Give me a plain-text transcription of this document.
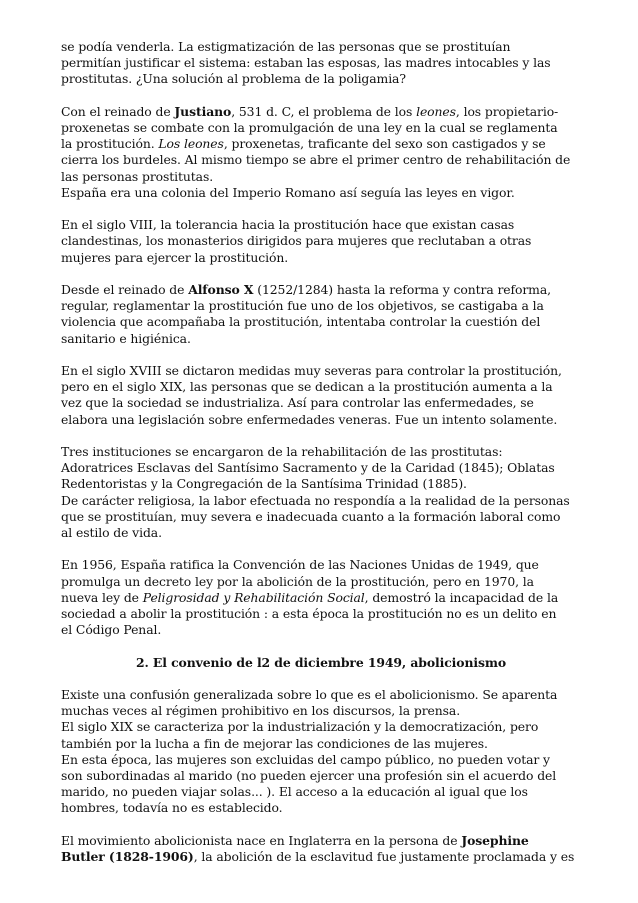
se podía venderla. La estigmatización de las personas que se prostituían
permitían justificar el sistema: estaban las esposas, las madres intocables y las
prostitutas. ¿Una solución al problema de la poligamia?

Con el reinado de Justiano, 531 d. C, el problema de los leones, los propietario-
proxenetas se combate con la promulgación de una ley en la cual se reglamenta
la prostitución. Los leones, proxenetas, traficante del sexo son castigados y se
cierra los burdeles. Al mismo tiempo se abre el primer centro de rehabilitación de
las personas prostitutas.
España era una colonia del Imperio Romano así seguía las leyes en vigor.

En el siglo VIII, la tolerancia hacia la prostitución hace que existan casas
clandestinas, los monasterios dirigidos para mujeres que reclutaban a otras
mujeres para ejercer la prostitución.

Desde el reinado de Alfonso X (1252/1284) hasta la reforma y contra reforma,
regular, reglamentar la prostitución fue uno de los objetivos, se castigaba a la
violencia que acompañaba la prostitución, intentaba controlar la cuestión del
sanitario e higiénica.

En el siglo XVIII se dictaron medidas muy severas para controlar la prostitución,
pero en el siglo XIX, las personas que se dedican a la prostitución aumenta a la
vez que la sociedad se industrializa. Así para controlar las enfermedades, se
elabora una legislación sobre enfermedades veneras. Fue un intento solamente.

Tres instituciones se encargaron de la rehabilitación de las prostitutas:
Adoratrices Esclavas del Santísimo Sacramento y de la Caridad (1845); Oblatas
Redentoristas y la Congregación de la Santísima Trinidad (1885).
De carácter religiosa, la labor efectuada no respondía a la realidad de la personas
que se prostituían, muy severa e inadecuada cuanto a la formación laboral como
al estilo de vida.

En 1956, España ratifica la Convención de las Naciones Unidas de 1949, que
promulga un decreto ley por la abolición de la prostitución, pero en 1970, la
nueva ley de Peligrosidad y Rehabilitación Social, demostró la incapacidad de la
sociedad a abolir la prostitución : a esta época la prostitución no es un delito en
el Código Penal.

2. El convenio de l2 de diciembre 1949, abolicionismo

Existe una confusión generalizada sobre lo que es el abolicionismo. Se aparenta
muchas veces al régimen prohibitivo en los discursos, la prensa.
El siglo XIX se caracteriza por la industrialización y la democratización, pero
también por la lucha a fin de mejorar las condiciones de las mujeres.
En esta época, las mujeres son excluidas del campo público, no pueden votar y
son subordinadas al marido (no pueden ejercer una profesión sin el acuerdo del
marido, no pueden viajar solas... ). El acceso a la educación al igual que los
hombres, todavía no es establecido.

El movimiento abolicionista nace en Inglaterra en la persona de Josephine
Butler (1828-1906), la abolición de la esclavitud fue justamente proclamada y es
